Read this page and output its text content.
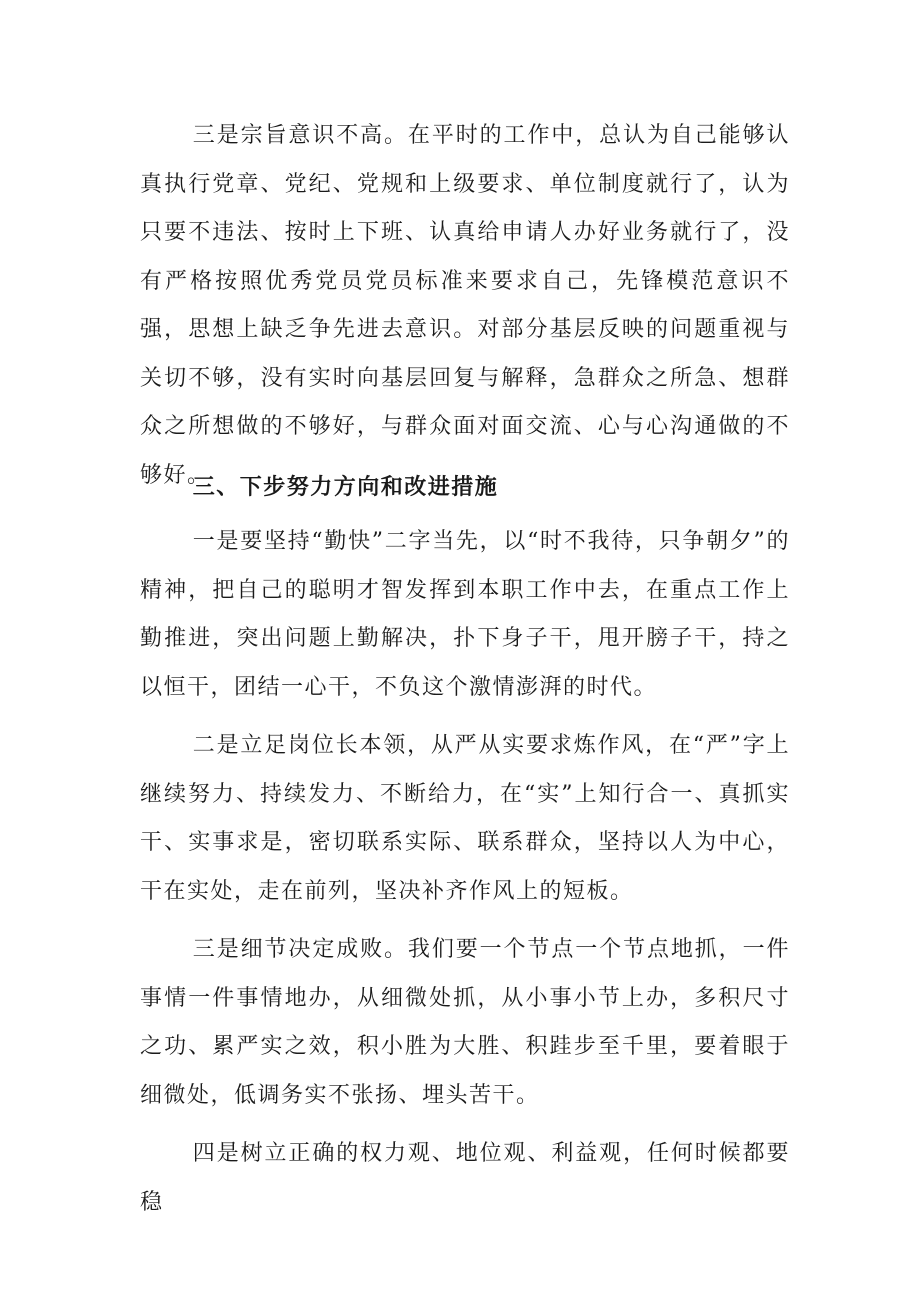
三是宗旨意识不高。在平时的工作中，总认为自己能够认真执行党章、党纪、党规和上级要求、单位制度就行了，认为只要不违法、按时上下班、认真给申请人办好业务就行了，没有严格按照优秀党员党员标准来要求自己，先锋模范意识不强，思想上缺乏争先进去意识。对部分基层反映的问题重视与关切不够，没有实时向基层回复与解释，急群众之所急、想群众之所想做的不够好，与群众面对面交流、心与心沟通做的不够好。

三、下步努力方向和改进措施

一是要坚持“勤快”二字当先，以“时不我待，只争朝夕”的精神，把自己的聪明才智发挥到本职工作中去，在重点工作上勤推进，突出问题上勤解决，扑下身子干，甩开膀子干，持之以恒干，团结一心干，不负这个激情澎湃的时代。

二是立足岗位长本领，从严从实要求炼作风，在“严”字上继续努力、持续发力、不断给力，在“实”上知行合一、真抓实干、实事求是，密切联系实际、联系群众，坚持以人为中心，干在实处，走在前列，坚决补齐作风上的短板。

三是细节决定成败。我们要一个节点一个节点地抓，一件事情一件事情地办，从细微处抓，从小事小节上办，多积尺寸之功、累严实之效，积小胜为大胜、积跬步至千里，要着眼于细微处，低调务实不张扬、埋头苦干。

四是树立正确的权力观、地位观、利益观，任何时候都要稳
